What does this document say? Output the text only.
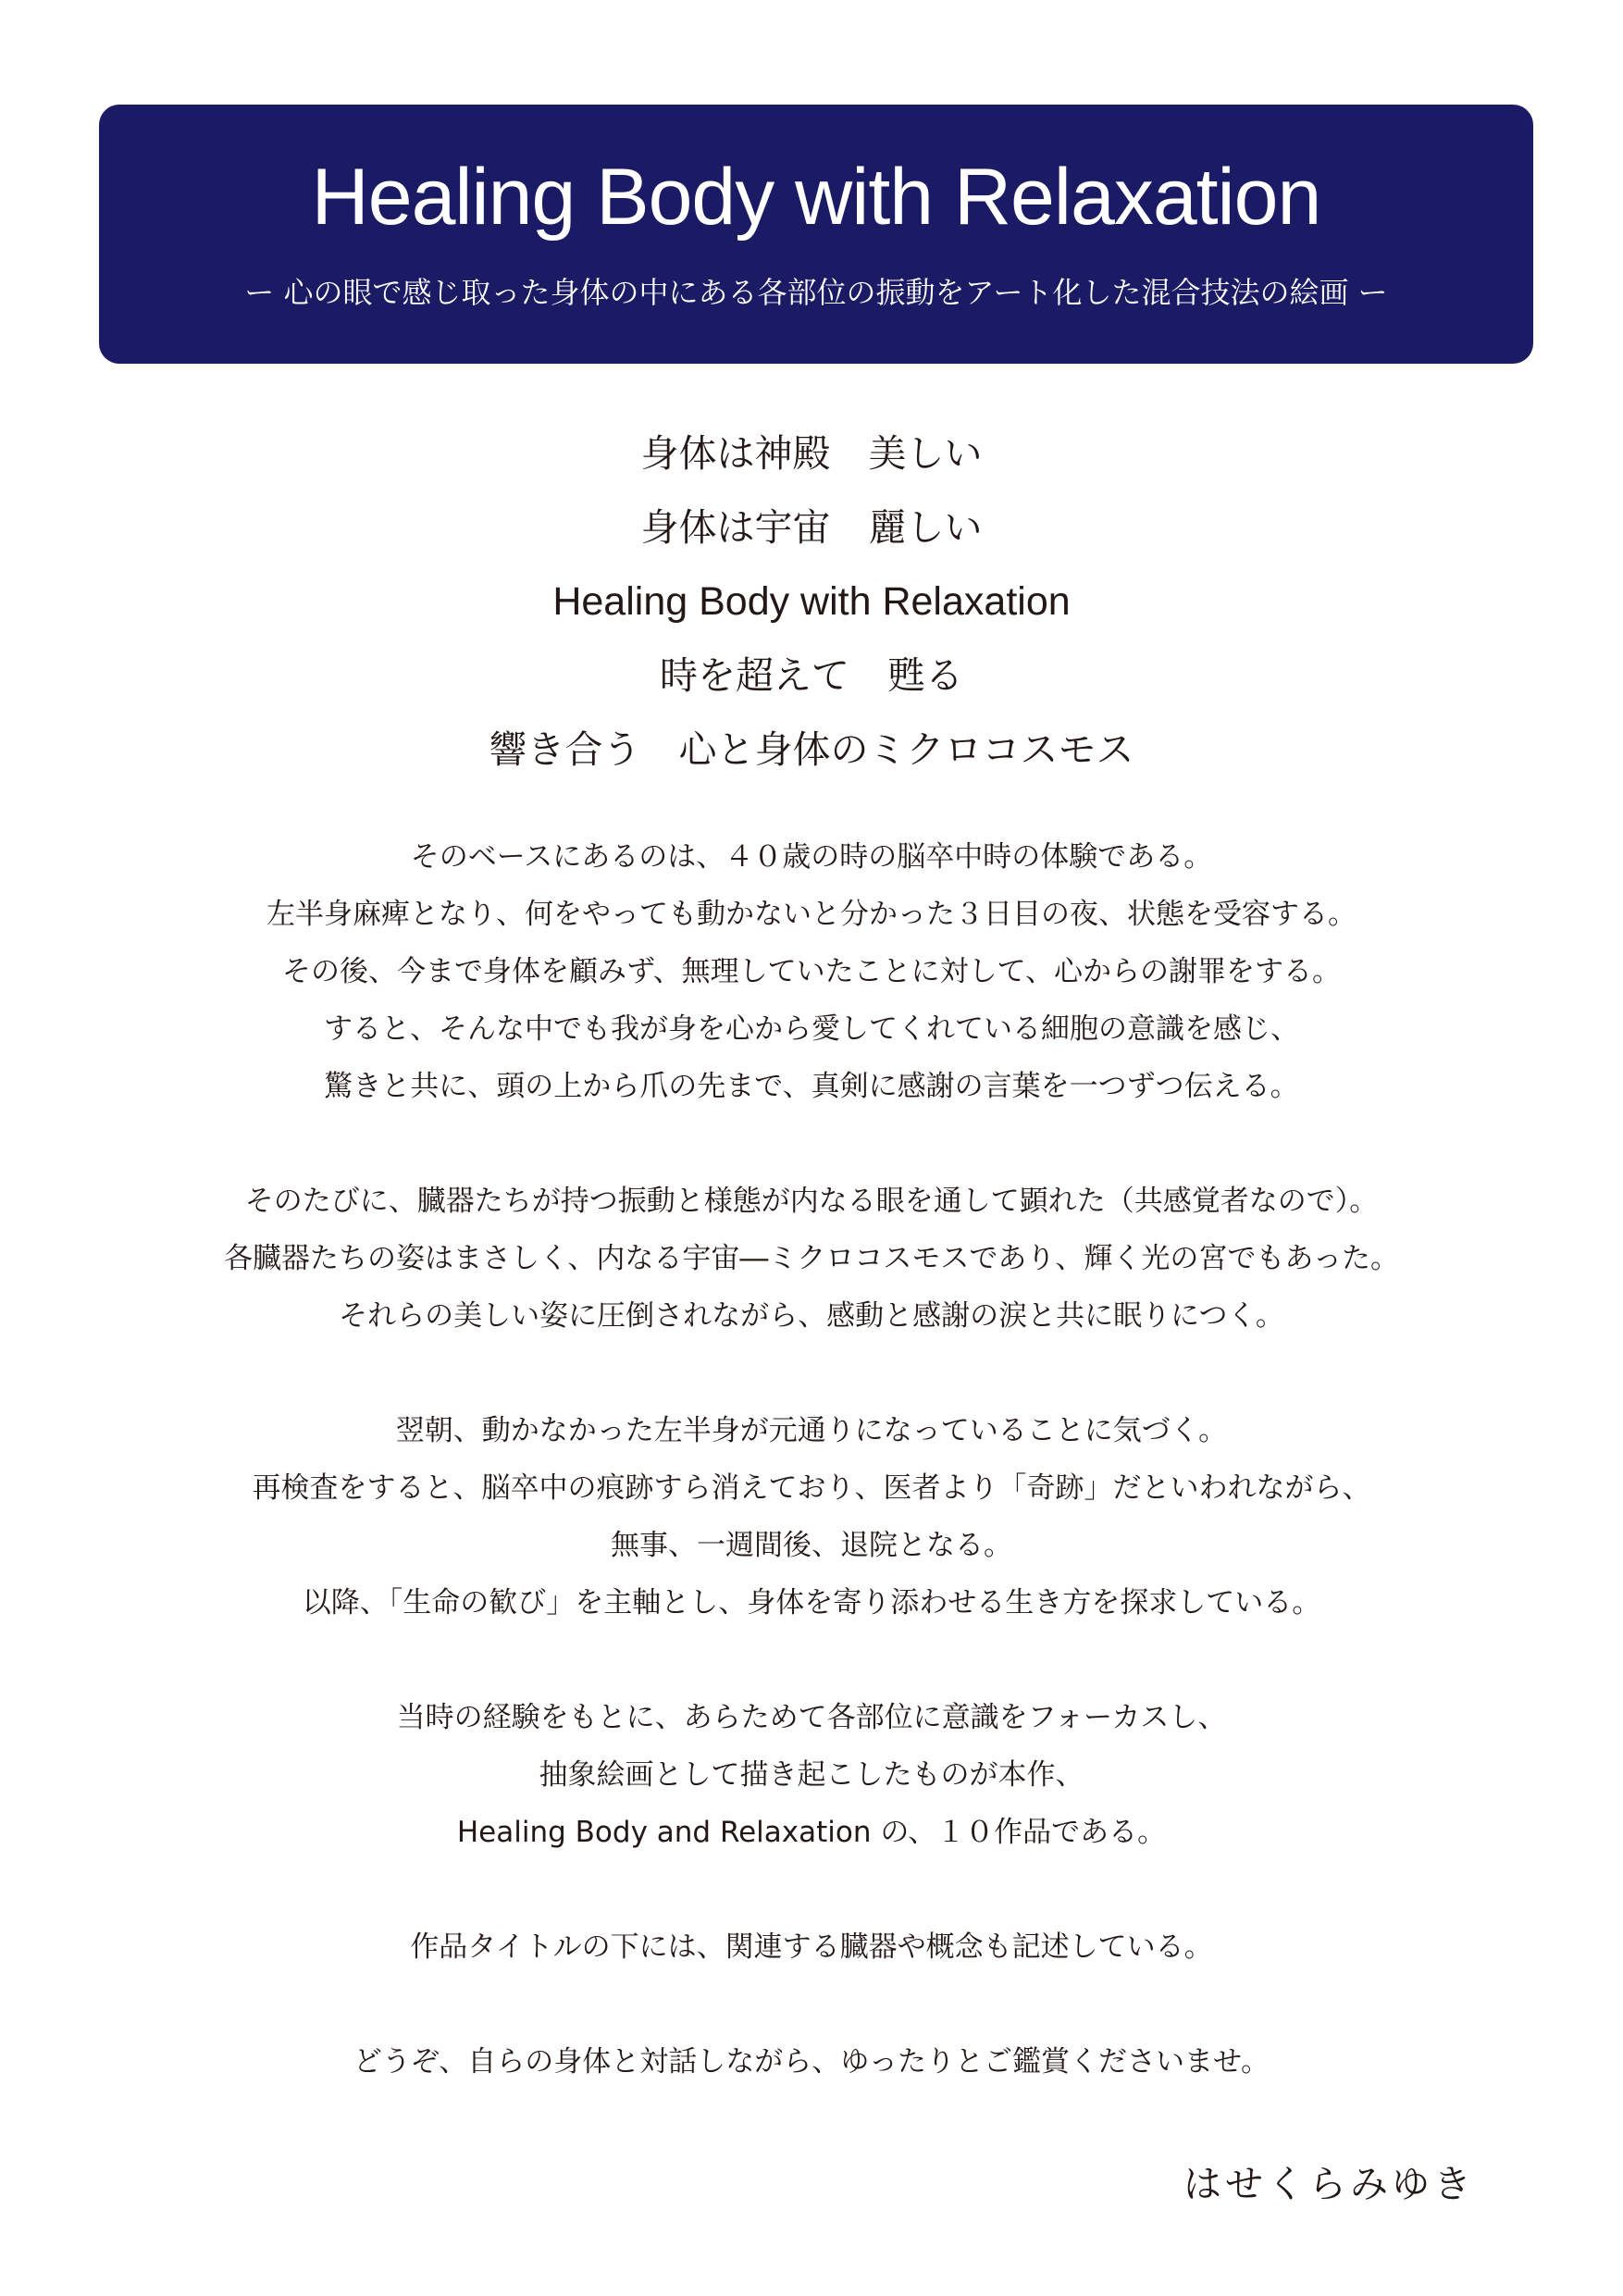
Healing Body with Relaxation
ー 心の眼で感じ取った身体の中にある各部位の振動をアート化した混合技法の絵画 ー
身体は神殿　美しい
身体は宇宙　麗しい
Healing Body with Relaxation
時を超えて　甦る
響き合う　心と身体のミクロコスモス
そのベースにあるのは、４０歳の時の脳卒中時の体験である。
左半身麻痺となり、何をやっても動かないと分かった３日目の夜、状態を受容する。
その後、今まで身体を顧みず、無理していたことに対して、心からの謝罪をする。
すると、そんな中でも我が身を心から愛してくれている細胞の意識を感じ、
驚きと共に、頭の上から爪の先まで、真剣に感謝の言葉を一つずつ伝える。
そのたびに、臓器たちが持つ振動と様態が内なる眼を通して顕れた（共感覚者なので）。
各臓器たちの姿はまさしく、内なる宇宙―ミクロコスモスであり、輝く光の宮でもあった。
それらの美しい姿に圧倒されながら、感動と感謝の涙と共に眠りにつく。
翌朝、動かなかった左半身が元通りになっていることに気づく。
再検査をすると、脳卒中の痕跡すら消えており、医者より「奇跡」だといわれながら、
無事、一週間後、退院となる。
以降、「生命の歓び」を主軸とし、身体を寄り添わせる生き方を探求している。
当時の経験をもとに、あらためて各部位に意識をフォーカスし、
抽象絵画として描き起こしたものが本作、
Healing Body and Relaxation の、１０作品である。
作品タイトルの下には、関連する臓器や概念も記述している。
どうぞ、自らの身体と対話しながら、ゆったりとご鑑賞くださいませ。
はせくらみゆき
